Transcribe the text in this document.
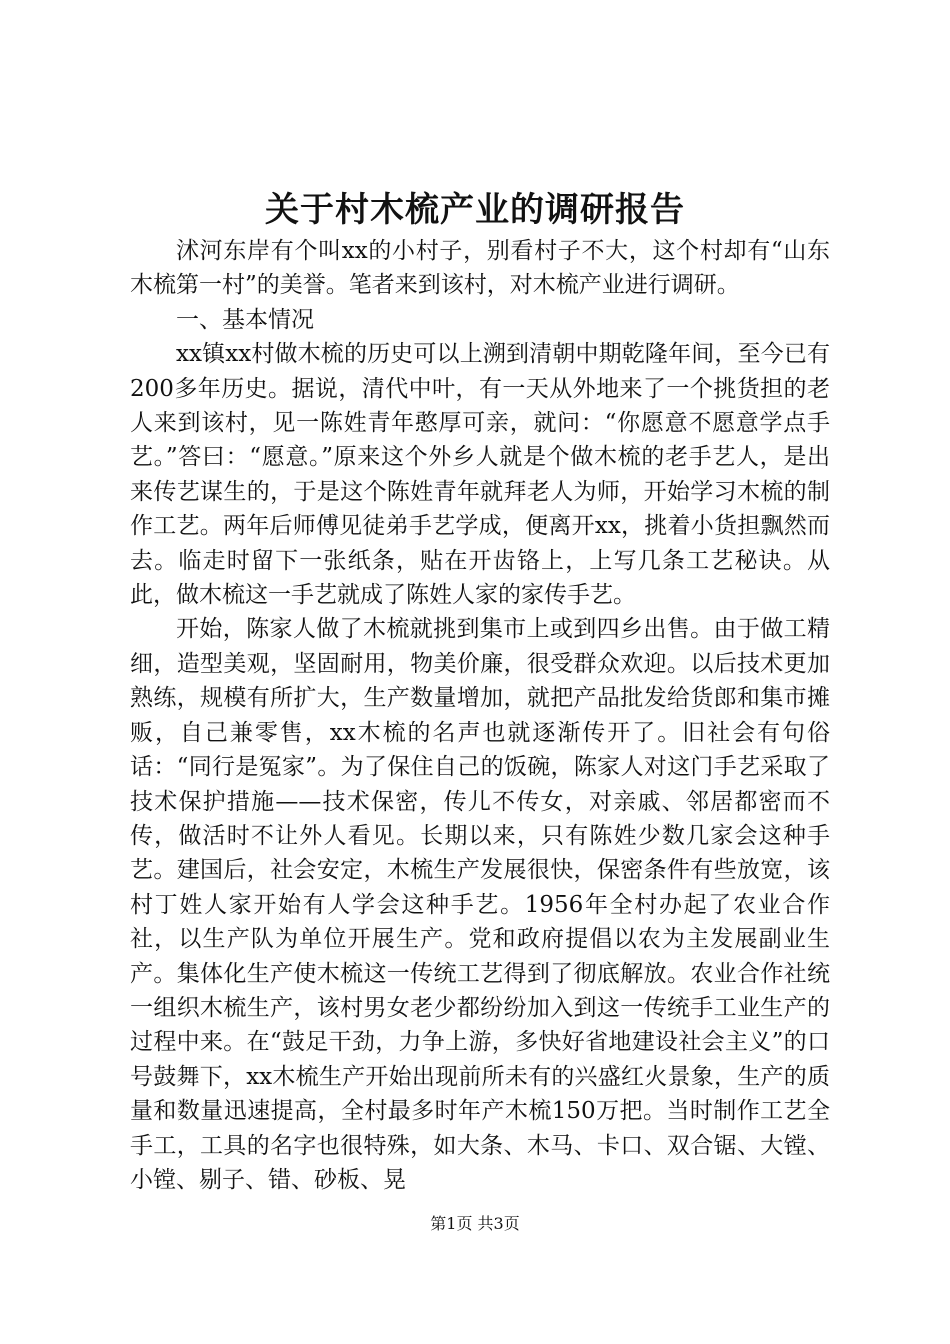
关于村木梳产业的调研报告

沭河东岸有个叫xx的小村子，别看村子不大，这个村却有“山东木梳第一村”的美誉。笔者来到该村，对木梳产业进行调研。

一、基本情况

xx镇xx村做木梳的历史可以上溯到清朝中期乾隆年间，至今已有200多年历史。据说，清代中叶，有一天从外地来了一个挑货担的老人来到该村，见一陈姓青年憨厚可亲，就问：“你愿意不愿意学点手艺。”答曰：“愿意。”原来这个外乡人就是个做木梳的老手艺人，是出来传艺谋生的，于是这个陈姓青年就拜老人为师，开始学习木梳的制作工艺。两年后师傅见徒弟手艺学成，便离开xx，挑着小货担飘然而去。临走时留下一张纸条，贴在开齿铬上，上写几条工艺秘诀。从此，做木梳这一手艺就成了陈姓人家的家传手艺。

开始，陈家人做了木梳就挑到集市上或到四乡出售。由于做工精细，造型美观，坚固耐用，物美价廉，很受群众欢迎。以后技术更加熟练，规模有所扩大，生产数量增加，就把产品批发给货郎和集市摊贩，自己兼零售，xx木梳的名声也就逐渐传开了。旧社会有句俗话：“同行是冤家”。为了保住自己的饭碗，陈家人对这门手艺采取了技术保护措施——技术保密，传儿不传女，对亲戚、邻居都密而不传，做活时不让外人看见。长期以来，只有陈姓少数几家会这种手艺。建国后，社会安定，木梳生产发展很快，保密条件有些放宽，该村丁姓人家开始有人学会这种手艺。1956年全村办起了农业合作社，以生产队为单位开展生产。党和政府提倡以农为主发展副业生产。集体化生产使木梳这一传统工艺得到了彻底解放。农业合作社统一组织木梳生产，该村男女老少都纷纷加入到这一传统手工业生产的过程中来。在“鼓足干劲，力争上游，多快好省地建设社会主义”的口号鼓舞下，xx木梳生产开始出现前所未有的兴盛红火景象，生产的质量和数量迅速提高，全村最多时年产木梳150万把。当时制作工艺全手工，工具的名字也很特殊，如大条、木马、卡口、双合锯、大镗、小镗、剔子、错、砂板、晃

第1页 共3页
